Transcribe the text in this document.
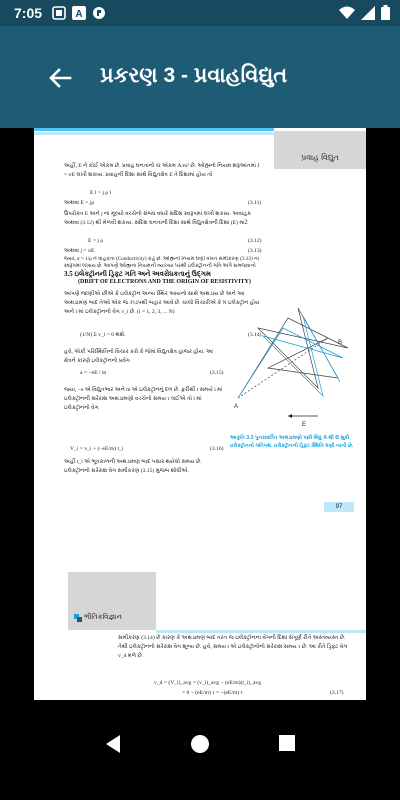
7:05	A
પ્રકરણ 3 - પ્રવાહવિદ્યુત
પ્રવાહ વિદ્યુત
અહીં, E ને કોઈ એકમ છે. પ્રવાહ ઘનતાનો SI એકમ A/m² છે. ઓહ્મનો નિયમ શરૂઆતમાં J = σE લખી શકાય. પ્રવાહની દિશા સાથે વિદ્યુતક્ષેત્ર E તે દિશામાં હોય તો
E l = j ρ l
અથવા E = jρ	(3.11)
ઉપરોક્ત E અને j ના મૂલ્યો વચ્ચેનો સંબંધ વધારે સદિશ સ્વરૂપમાં લખી શકાય. અવાહક અથવા (3.12) થી મેળવી શકાય. સદિશ ઘનતાની દિશા સાથે વિદ્યુતક્ષેત્રની દિશા (E) માટે
E = j ρ	(3.12)
અથવા j = σE	(3.13)
જ્યાં, σ = 1/ρ ને વાહકતા (Conductivity) કહે છે. ઓહ્મનો નિયમ ઘણી વખત સમીકરણ (3.13) ના સ્વરૂપમાં લખાય છે. આપણે ઓહ્મના નિયમની વ્યાખ્યા પરથી ઇલેક્ટ્રૉનની ગતિ અંગે સમજવાનો
3.5 ઇલેક્ટ્રૉનની ડ્રિફ્ટ ગતિ અને અવરોધકતાનું ઉદ્ગમ
(DRIFT OF ELECTRONS AND THE ORIGIN OF RESISTIVITY)
આપણે જાણીએ છીએ કે ઇલેક્ટ્રૉન અન્ય સ્થિર આયનો સાથે અથડાય છે અને આ અથડામણ બાદ તેઓ એક જ ઝડપથી બહાર આવે છે. ચાલો વિચારીએ કે N ઇલેક્ટ્રૉન હોય અને i માં ઇલેક્ટ્રૉનનો વેગ v_i છે. (i = 1, 2, 3, ... N)
(1/N) Σ v_i = 0 થશે.	(3.14)
હવે, એકી પરિસ્થિતિનો વિચાર કરો કે જેમાં વિદ્યુતક્ષેત્ર હાજર હોય. આ ક્ષેત્રને કારણે ઇલેક્ટ્રૉનનો પ્રવેગ
a = −eE / m	(3.15)
જ્યાં, −e એ વિદ્યુતભાર અને m એ ઇલેક્ટ્રૉનનું દળ છે. ફરીથી t સમયે i માં ઇલેક્ટ્રૉનની સરેરાશ અથડામણો વચ્ચેનો સમય τ લઈએ તો i માં ઇલેક્ટ્રૉનનો વેગ
V_i = v_i + (−eE/m) t_i	(3.16)
અહીં t_i એ ભૂતકાળની અથડામણ બાદ પસાર થયેલો સમય છે. ઇલેક્ટ્રૉનનો સરેરાશ વેગ સમીકરણ (3.15) મુજબ શોધીએ.
A
B
E
આકૃતિ 3.3 પુનરાવર્તિત અથડામણો પછી બિંદુ A થી B સુધી ઇલેક્ટ્રૉનનો ગતિપથ. ઇલેક્ટ્રૉનની ડ્રિફ્ટ સ્થિતિ ઘણી નાની છે.
97
ભૌતિકવિજ્ઞાન
સમીકરણ (3.14) છે કારણ કે અથડામણ બાદ તરત જ ઇલેક્ટ્રૉનના વેગની દિશા સંપૂર્ણ રીતે અસ્તવ્યસ્ત છે. તેથી ઇલેક્ટ્રૉનનો સરેરાશ વેગ શૂન્ય છે. હવે, સમય t એ ઇલેક્ટ્રૉનોનો સરેરાશ સમય τ છે. આ રીતે ડ્રિફ્ટ વેગ v_d મળે છે.
v_d = (V_i)_avg = (v_i)_avg − (eE/m)(t_i)_avg
= 0 − (eE/m) τ = −(eE/m) τ	(3.17)
